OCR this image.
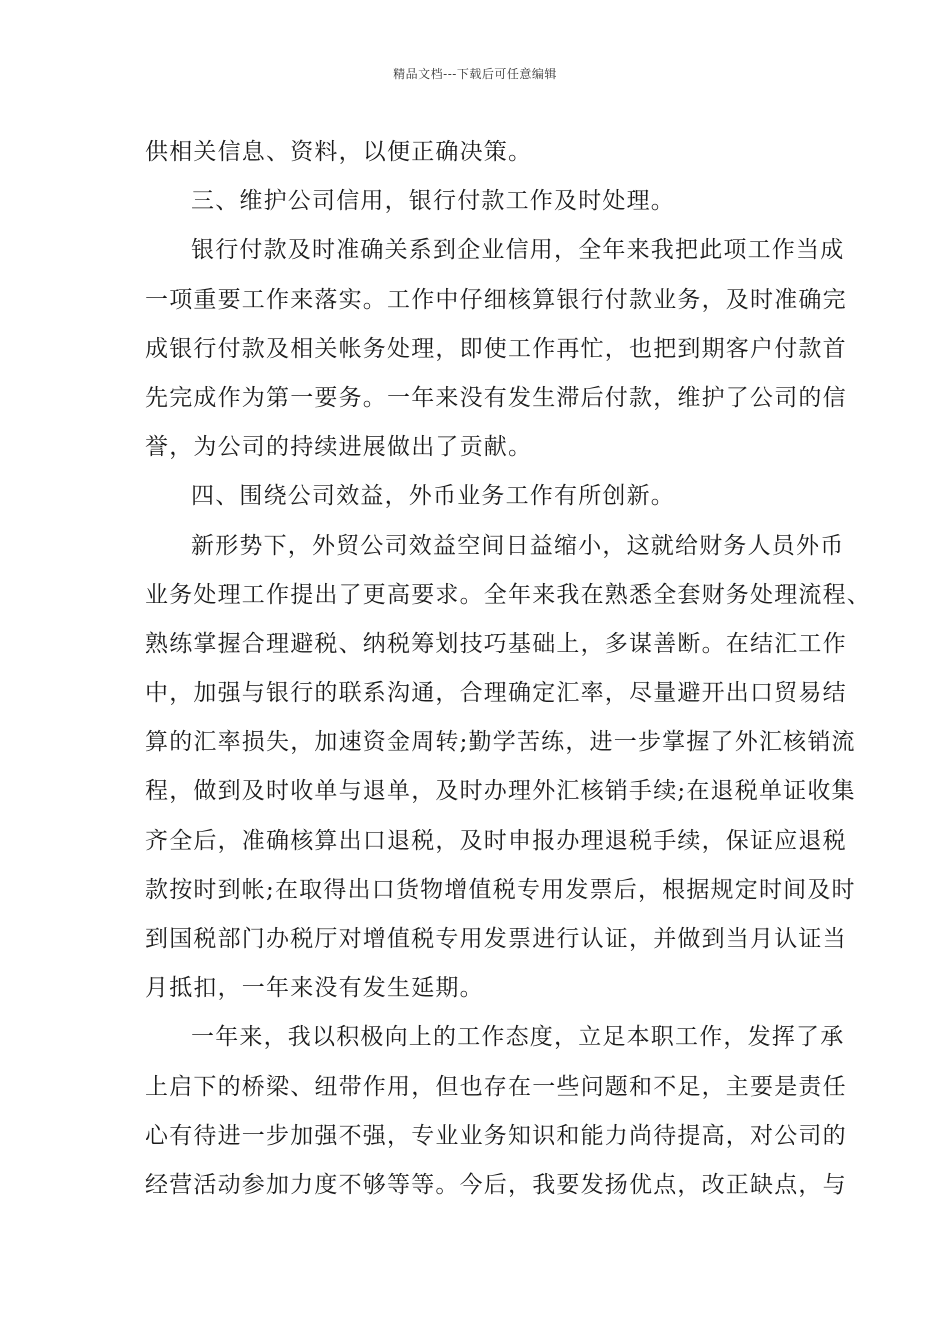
精品文档---下载后可任意编辑
供相关信息、资料，以便正确决策。
三、维护公司信用，银行付款工作及时处理。
银行付款及时准确关系到企业信用，全年来我把此项工作当成
一项重要工作来落实。工作中仔细核算银行付款业务，及时准确完
成银行付款及相关帐务处理，即使工作再忙，也把到期客户付款首
先完成作为第一要务。一年来没有发生滞后付款，维护了公司的信
誉，为公司的持续进展做出了贡献。
四、围绕公司效益，外币业务工作有所创新。
新形势下，外贸公司效益空间日益缩小，这就给财务人员外币
业务处理工作提出了更高要求。全年来我在熟悉全套财务处理流程、
熟练掌握合理避税、纳税筹划技巧基础上，多谋善断。在结汇工作
中，加强与银行的联系沟通，合理确定汇率，尽量避开出口贸易结
算的汇率损失，加速资金周转;勤学苦练，进一步掌握了外汇核销流
程，做到及时收单与退单，及时办理外汇核销手续;在退税单证收集
齐全后，准确核算出口退税，及时申报办理退税手续，保证应退税
款按时到帐;在取得出口货物增值税专用发票后，根据规定时间及时
到国税部门办税厅对增值税专用发票进行认证，并做到当月认证当
月抵扣，一年来没有发生延期。
一年来，我以积极向上的工作态度，立足本职工作，发挥了承
上启下的桥梁、纽带作用，但也存在一些问题和不足，主要是责任
心有待进一步加强不强，专业业务知识和能力尚待提高，对公司的
经营活动参加力度不够等等。今后，我要发扬优点，改正缺点，与
